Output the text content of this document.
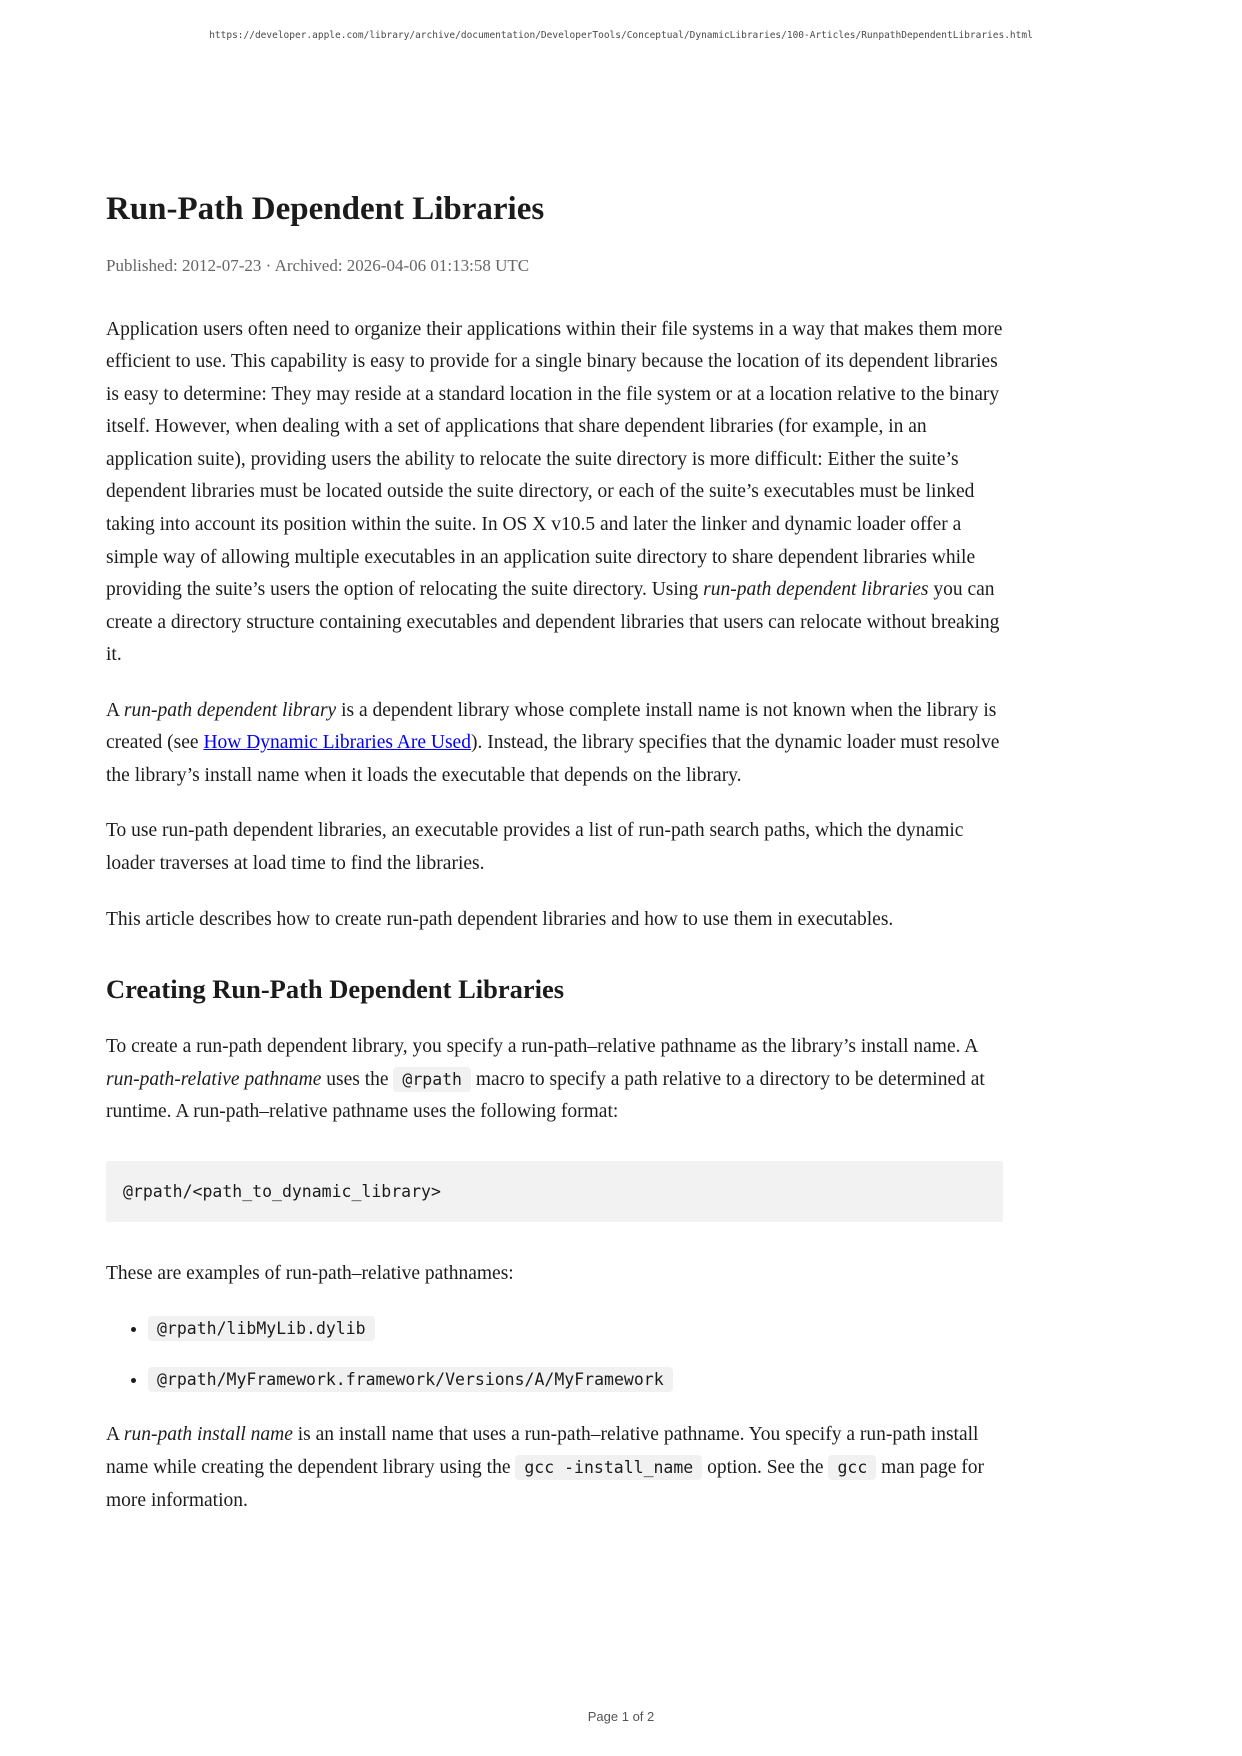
https://developer.apple.com/library/archive/documentation/DeveloperTools/Conceptual/DynamicLibraries/100-Articles/RunpathDependentLibraries.html
Run-Path Dependent Libraries
Published: 2012-07-23 · Archived: 2026-04-06 01:13:58 UTC

Application users often need to organize their applications within their file systems in a way that makes them more efficient to use. This capability is easy to provide for a single binary because the location of its dependent libraries is easy to determine: They may reside at a standard location in the file system or at a location relative to the binary itself. However, when dealing with a set of applications that share dependent libraries (for example, in an application suite), providing users the ability to relocate the suite directory is more difficult: Either the suite’s dependent libraries must be located outside the suite directory, or each of the suite’s executables must be linked taking into account its position within the suite. In OS X v10.5 and later the linker and dynamic loader offer a simple way of allowing multiple executables in an application suite directory to share dependent libraries while providing the suite’s users the option of relocating the suite directory. Using run-path dependent libraries you can create a directory structure containing executables and dependent libraries that users can relocate without breaking it.

A run-path dependent library is a dependent library whose complete install name is not known when the library is created (see How Dynamic Libraries Are Used). Instead, the library specifies that the dynamic loader must resolve the library’s install name when it loads the executable that depends on the library.

To use run-path dependent libraries, an executable provides a list of run-path search paths, which the dynamic loader traverses at load time to find the libraries.

This article describes how to create run-path dependent libraries and how to use them in executables.

Creating Run-Path Dependent Libraries

To create a run-path dependent library, you specify a run-path–relative pathname as the library’s install name. A run-path-relative pathname uses the @rpath macro to specify a path relative to a directory to be determined at runtime. A run-path–relative pathname uses the following format:

@rpath/<path_to_dynamic_library>

These are examples of run-path–relative pathnames:

• @rpath/libMyLib.dylib
• @rpath/MyFramework.framework/Versions/A/MyFramework

A run-path install name is an install name that uses a run-path–relative pathname. You specify a run-path install name while creating the dependent library using the gcc -install_name option. See the gcc man page for more information.

Page 1 of 2
